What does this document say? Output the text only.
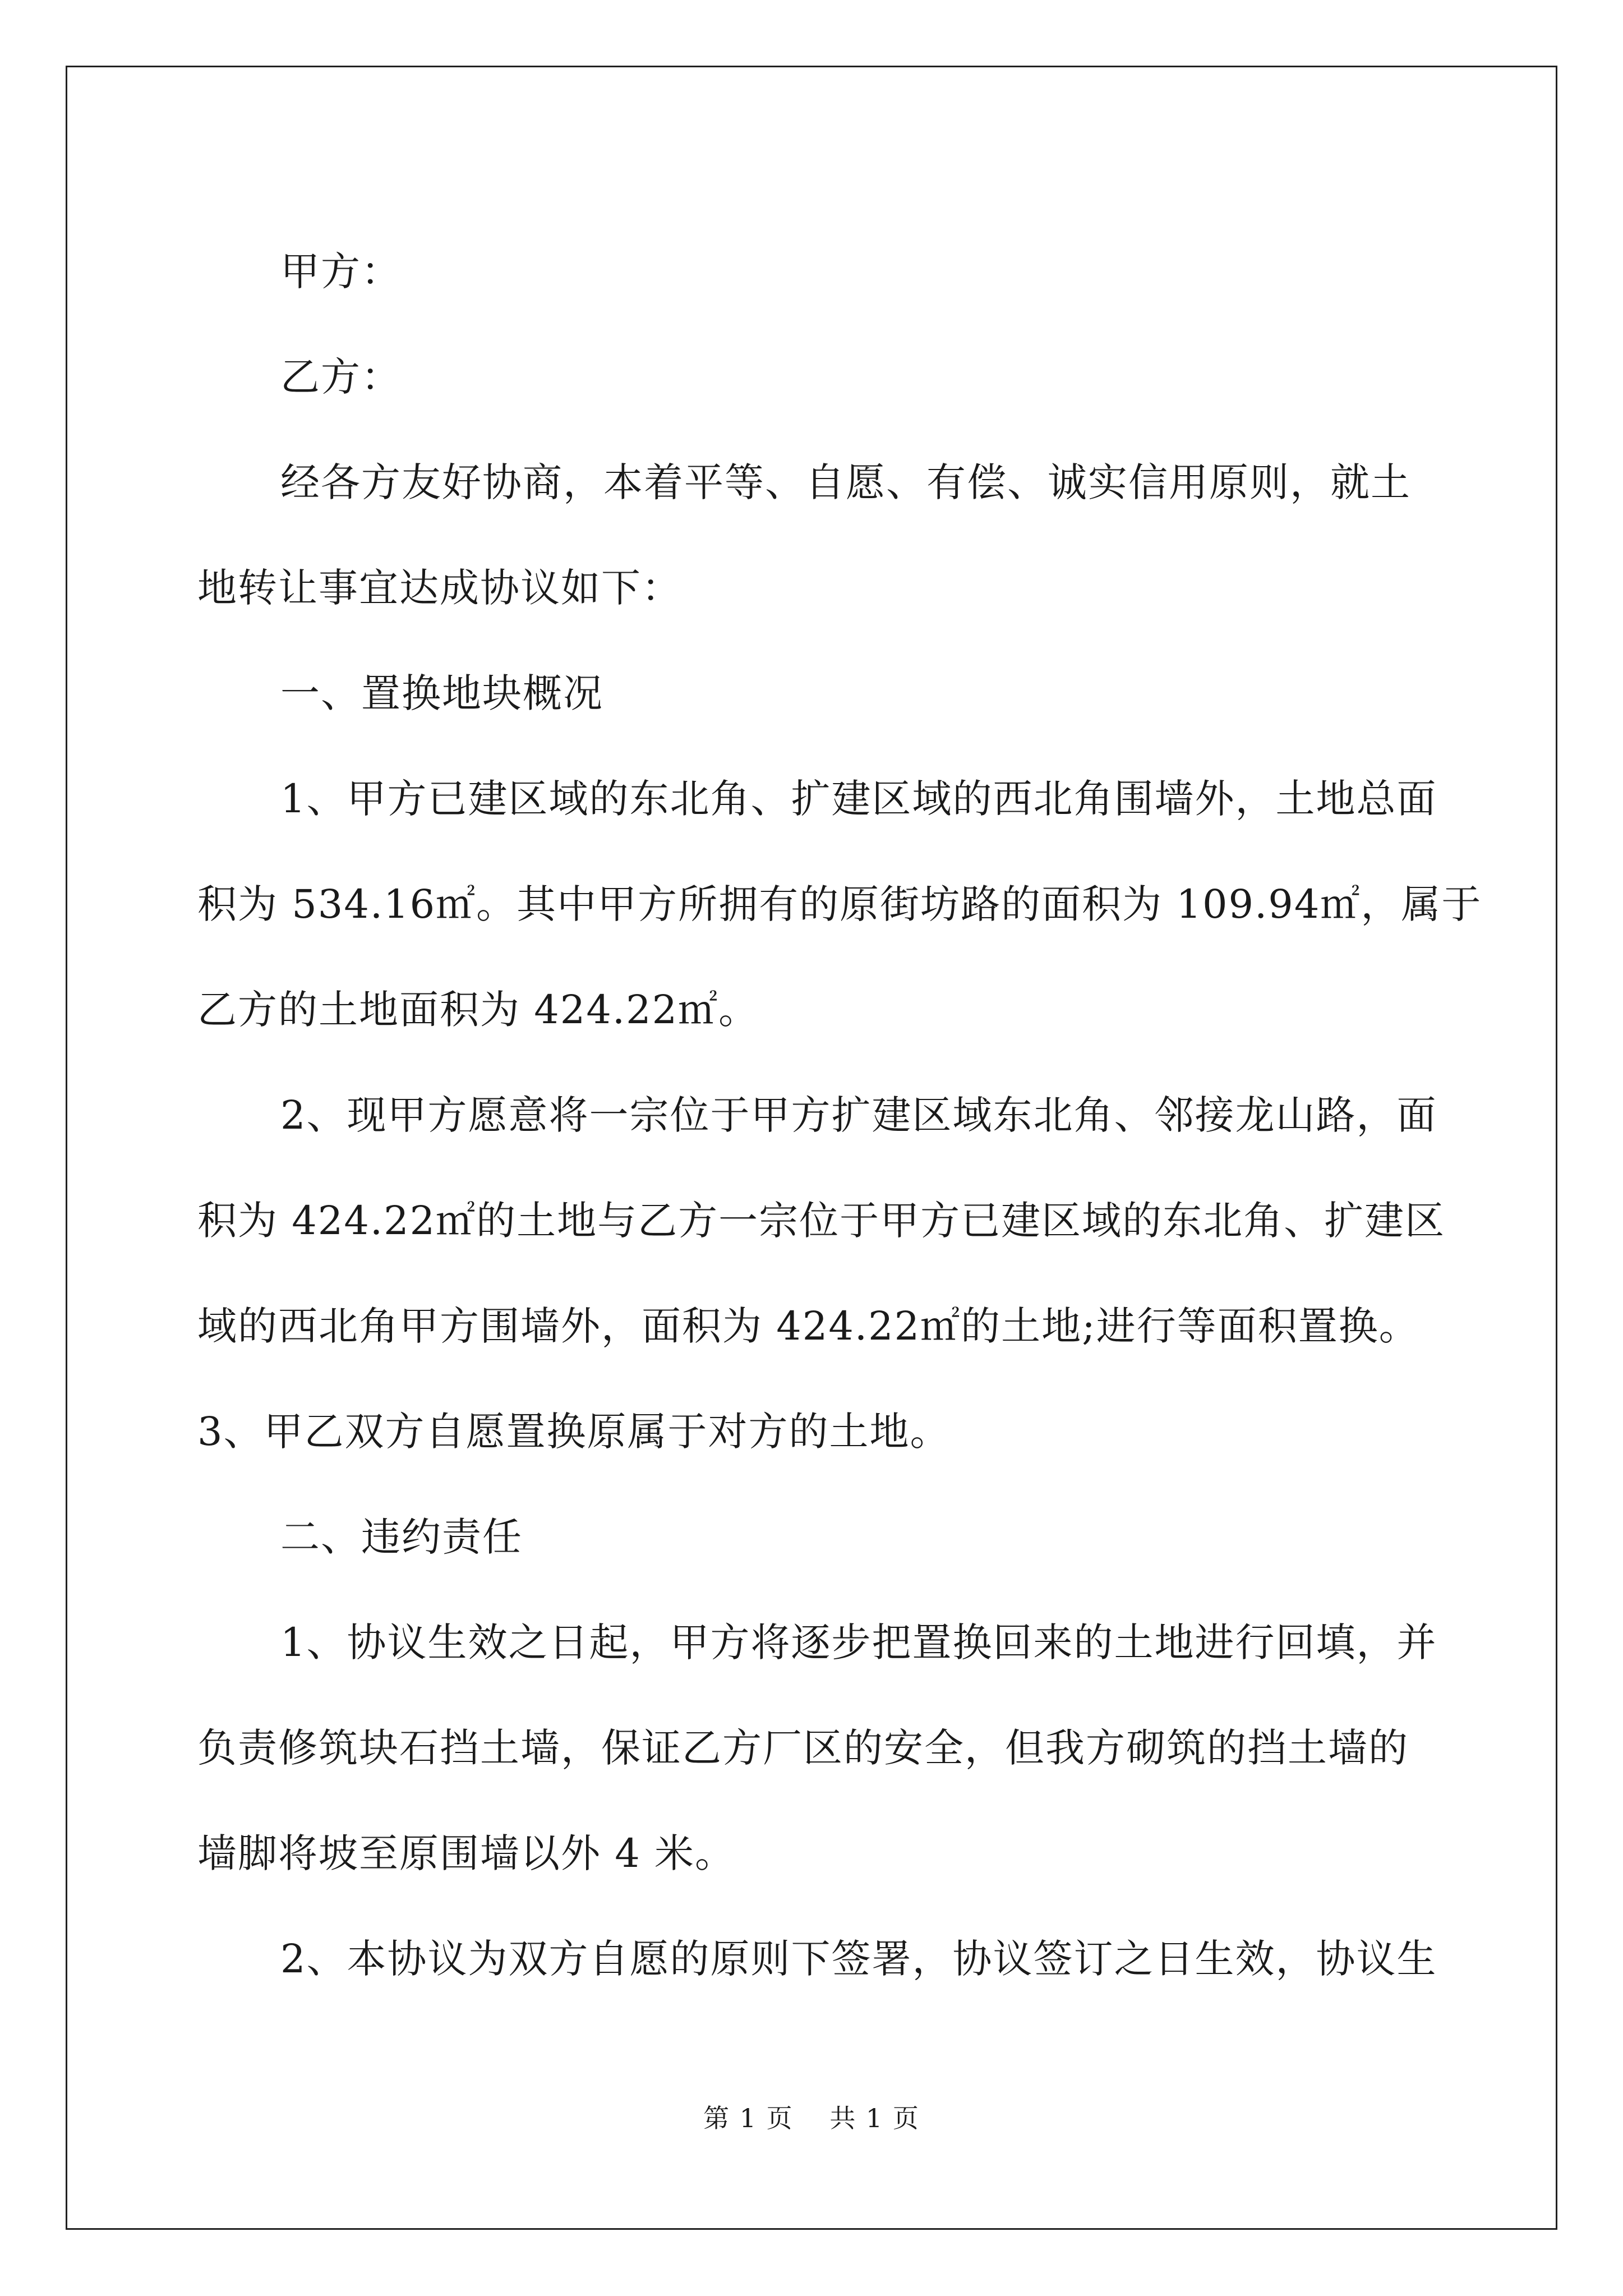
甲方：

乙方：

经各方友好协商，本着平等、自愿、有偿、诚实信用原则，就土
地转让事宜达成协议如下：

一、置换地块概况

1、甲方已建区域的东北角、扩建区域的西北角围墙外，土地总面
积为 534.16㎡。其中甲方所拥有的原街坊路的面积为 109.94㎡，属于
乙方的土地面积为 424.22㎡。

2、现甲方愿意将一宗位于甲方扩建区域东北角、邻接龙山路，面
积为 424.22㎡的土地与乙方一宗位于甲方已建区域的东北角、扩建区
域的西北角甲方围墙外，面积为 424.22㎡的土地;进行等面积置换。
3、甲乙双方自愿置换原属于对方的土地。

二、违约责任

1、协议生效之日起，甲方将逐步把置换回来的土地进行回填，并
负责修筑块石挡土墙，保证乙方厂区的安全，但我方砌筑的挡土墙的
墙脚将坡至原围墙以外 4 米。

2、本协议为双方自愿的原则下签署，协议签订之日生效，协议生

第 1 页 共 1 页
